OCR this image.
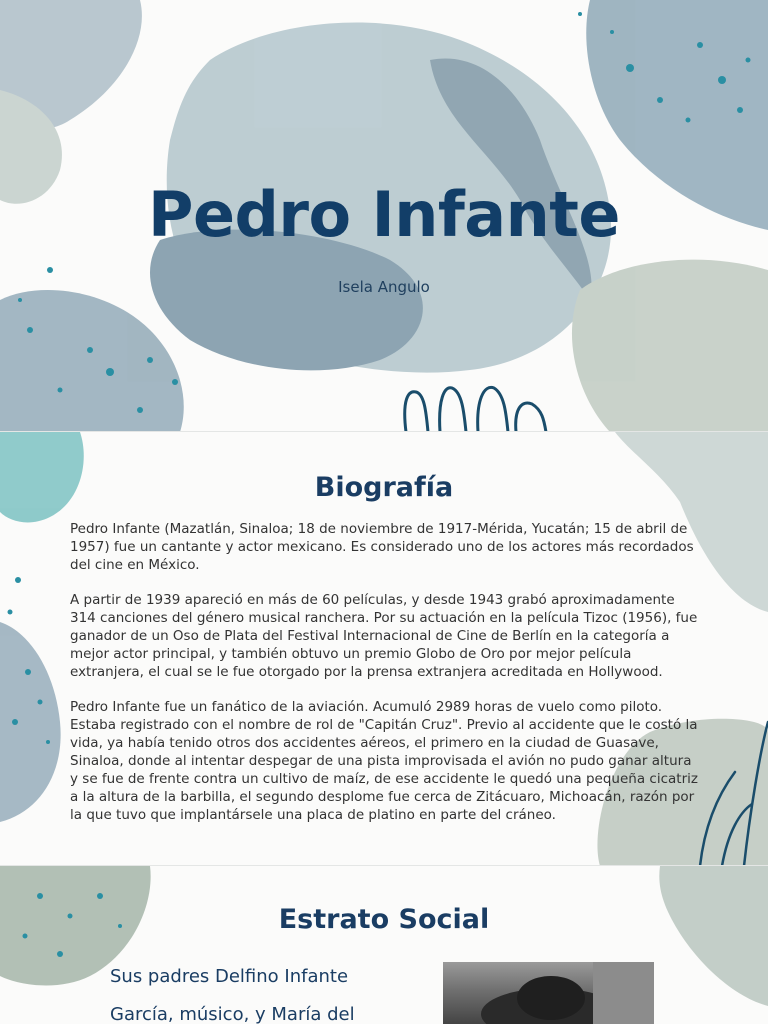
Pedro Infante

Isela Angulo

Biografía

Pedro Infante (Mazatlán, Sinaloa; 18 de noviembre de 1917-Mérida, Yucatán; 15 de abril de 1957) fue un cantante y actor mexicano. Es considerado uno de los actores más recordados del cine en México.

A partir de 1939 apareció en más de 60 películas, y desde 1943 grabó aproximadamente 314 canciones del género musical ranchera. Por su actuación en la película Tizoc (1956), fue ganador de un Oso de Plata del Festival Internacional de Cine de Berlín en la categoría a mejor actor principal, y también obtuvo un premio Globo de Oro por mejor película extranjera, el cual se le fue otorgado por la prensa extranjera acreditada en Hollywood.

Pedro Infante fue un fanático de la aviación. Acumuló 2989 horas de vuelo como piloto. Estaba registrado con el nombre de rol de "Capitán Cruz". Previo al accidente que le costó la vida, ya había tenido otros dos accidentes aéreos, el primero en la ciudad de Guasave, Sinaloa, donde al intentar despegar de una pista improvisada el avión no pudo ganar altura y se fue de frente contra un cultivo de maíz, de ese accidente le quedó una pequeña cicatriz a la altura de la barbilla, el segundo desplome fue cerca de Zitácuaro, Michoacán, razón por la que tuvo que implantársele una placa de platino en parte del cráneo.

Estrato Social

Sus padres Delfino Infante García, músico, y María del
